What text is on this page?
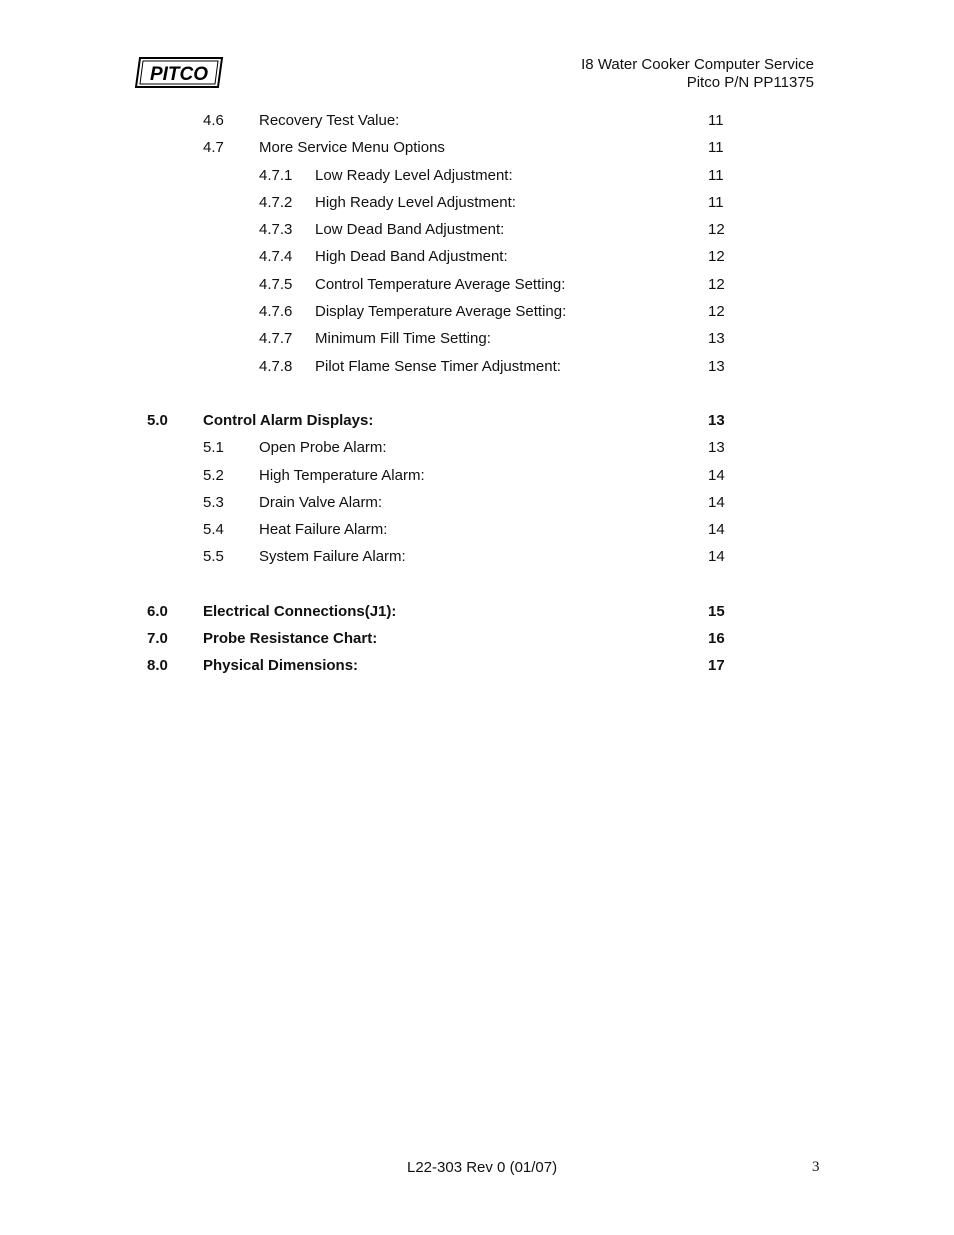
PITCO	I8 Water Cooker Computer Service
Pitco P/N PP11375
4.6 Recovery Test Value:	11
4.7 More Service Menu Options	11
4.7.1 Low Ready Level Adjustment:	11
4.7.2 High Ready Level Adjustment:	11
4.7.3 Low Dead Band Adjustment:	12
4.7.4 High Dead Band Adjustment:	12
4.7.5 Control Temperature Average Setting:	12
4.7.6 Display Temperature Average Setting:	12
4.7.7 Minimum Fill Time Setting:	13
4.7.8 Pilot Flame Sense Timer Adjustment:	13
5.0 Control Alarm Displays:	13
5.1 Open Probe Alarm:	13
5.2 High Temperature Alarm:	14
5.3 Drain Valve Alarm:	14
5.4 Heat Failure Alarm:	14
5.5 System Failure Alarm:	14
6.0 Electrical Connections(J1):	15
7.0 Probe Resistance Chart:	16
8.0 Physical Dimensions:	17
L22-303 Rev 0 (01/07)	3
